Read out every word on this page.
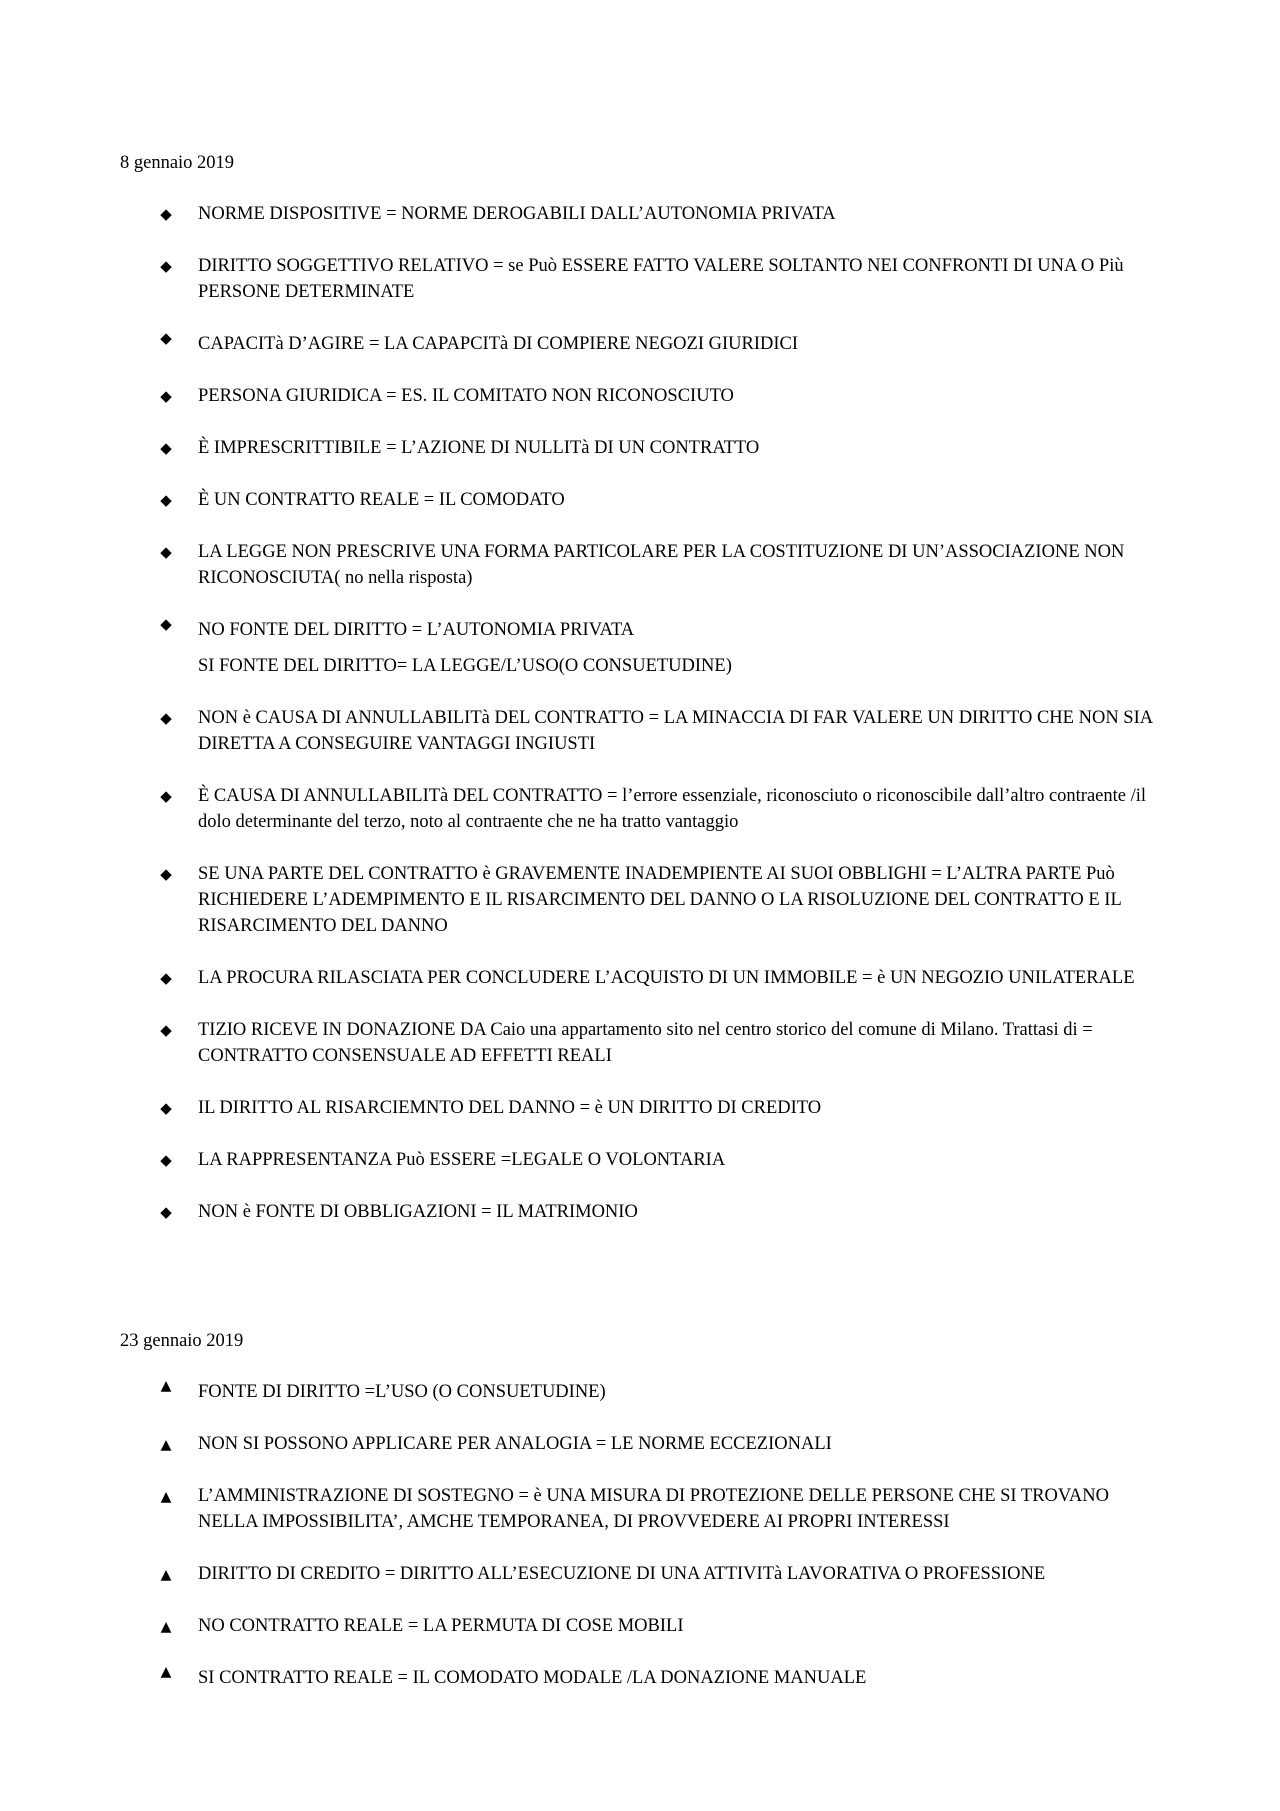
8 gennaio 2019

◆ NORME DISPOSITIVE = NORME DEROGABILI DALL’AUTONOMIA PRIVATA
◆ DIRITTO SOGGETTIVO RELATIVO = se Può ESSERE FATTO VALERE SOLTANTO NEI CONFRONTI DI UNA O Più PERSONE DETERMINATE
◆ CAPACITà D’AGIRE = LA CAPAPCITà DI COMPIERE NEGOZI GIURIDICI
◆ PERSONA GIURIDICA = ES. IL COMITATO NON RICONOSCIUTO
◆ È IMPRESCRITTIBILE = L’AZIONE DI NULLITà DI UN CONTRATTO
◆ È UN CONTRATTO REALE = IL COMODATO
◆ LA LEGGE NON PRESCRIVE UNA FORMA PARTICOLARE PER LA COSTITUZIONE DI UN’ASSOCIAZIONE NON RICONOSCIUTA( no nella risposta)
◆ NO FONTE DEL DIRITTO = L’AUTONOMIA PRIVATA
SI FONTE DEL DIRITTO= LA LEGGE/L’USO(O CONSUETUDINE)
◆ NON è CAUSA DI ANNULLABILITà DEL CONTRATTO = LA MINACCIA DI FAR VALERE UN DIRITTO CHE NON SIA DIRETTA A CONSEGUIRE VANTAGGI INGIUSTI
◆ È CAUSA DI ANNULLABILITà DEL CONTRATTO = l’errore essenziale, riconosciuto o riconoscibile dall’altro contraente /il dolo determinante del terzo, noto al contraente che ne ha tratto vantaggio
◆ SE UNA PARTE DEL CONTRATTO è GRAVEMENTE INADEMPIENTE AI SUOI OBBLIGHI = L’ALTRA PARTE Può RICHIEDERE L’ADEMPIMENTO E IL RISARCIMENTO DEL DANNO O LA RISOLUZIONE DEL CONTRATTO E IL RISARCIMENTO DEL DANNO
◆ LA PROCURA RILASCIATA PER CONCLUDERE L’ACQUISTO DI UN IMMOBILE = è UN NEGOZIO UNILATERALE
◆ TIZIO RICEVE IN DONAZIONE DA Caio una appartamento sito nel centro storico del comune di Milano. Trattasi di = CONTRATTO CONSENSUALE AD EFFETTI REALI
◆ IL DIRITTO AL RISARCIEMNTO DEL DANNO = è UN DIRITTO DI CREDITO
◆ LA RAPPRESENTANZA Può ESSERE =LEGALE O VOLONTARIA
◆ NON è FONTE DI OBBLIGAZIONI = IL MATRIMONIO

23 gennaio 2019

▲ FONTE DI DIRITTO =L’USO (O CONSUETUDINE)
▲ NON SI POSSONO APPLICARE PER ANALOGIA = LE NORME ECCEZIONALI
▲ L’AMMINISTRAZIONE DI SOSTEGNO = è UNA MISURA DI PROTEZIONE DELLE PERSONE CHE SI TROVANO NELLA IMPOSSIBILITA’, AMCHE TEMPORANEA, DI PROVVEDERE AI PROPRI INTERESSI
▲ DIRITTO DI CREDITO = DIRITTO ALL’ESECUZIONE DI UNA ATTIVITà LAVORATIVA O PROFESSIONE
▲ NO CONTRATTO REALE = LA PERMUTA DI COSE MOBILI
▲ SI CONTRATTO REALE = IL COMODATO MODALE /LA DONAZIONE MANUALE
